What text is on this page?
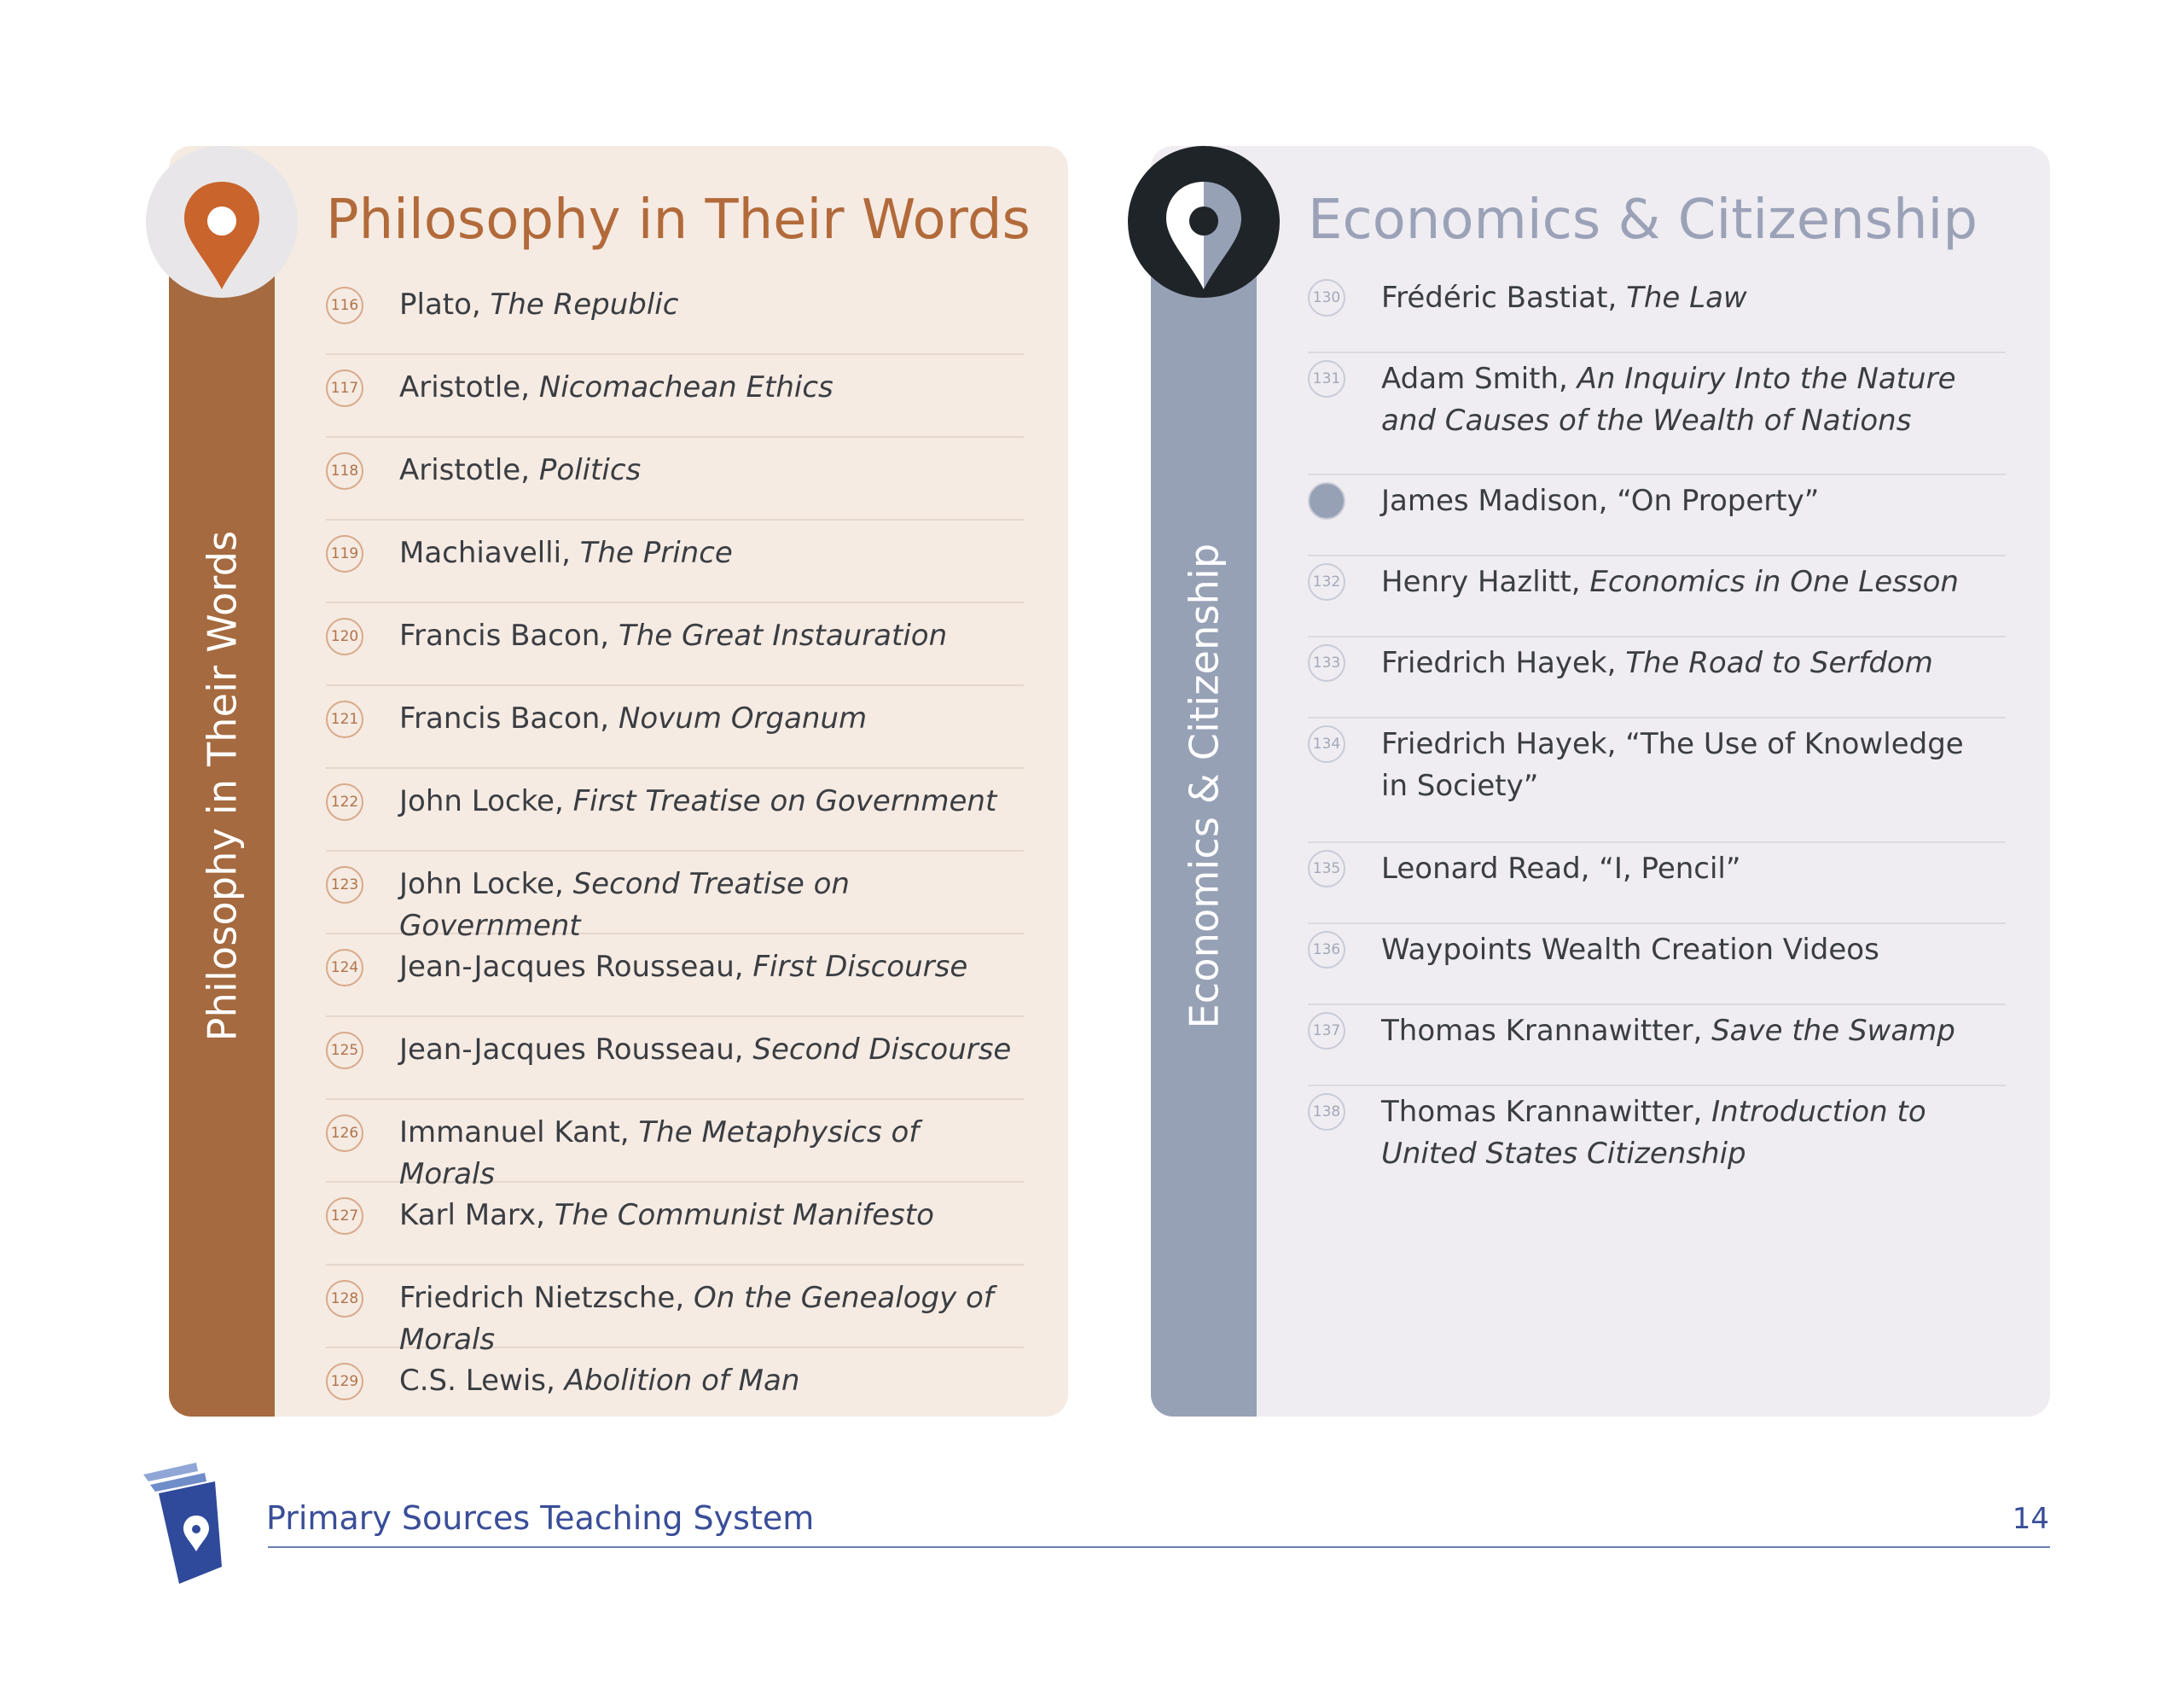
Philosophy in Their Words
Philosophy in Their Words
116 Plato, The Republic
117 Aristotle, Nicomachean Ethics
118 Aristotle, Politics
119 Machiavelli, The Prince
120 Francis Bacon, The Great Instauration
121 Francis Bacon, Novum Organum
122 John Locke, First Treatise on Government
123 John Locke, Second Treatise on Government
124 Jean-Jacques Rousseau, First Discourse
125 Jean-Jacques Rousseau, Second Discourse
126 Immanuel Kant, The Metaphysics of Morals
127 Karl Marx, The Communist Manifesto
128 Friedrich Nietzsche, On the Genealogy of Morals
129 C.S. Lewis, Abolition of Man
Economics & Citizenship
Economics & Citizenship
130 Frédéric Bastiat, The Law
131 Adam Smith, An Inquiry Into the Nature
and Causes of the Wealth of Nations
James Madison, “On Property”
132 Henry Hazlitt, Economics in One Lesson
133 Friedrich Hayek, The Road to Serfdom
134 Friedrich Hayek, “The Use of Knowledge
in Society”
135 Leonard Read, “I, Pencil”
136 Waypoints Wealth Creation Videos
137 Thomas Krannawitter, Save the Swamp
138 Thomas Krannawitter, Introduction to
United States Citizenship
Primary Sources Teaching System	14
